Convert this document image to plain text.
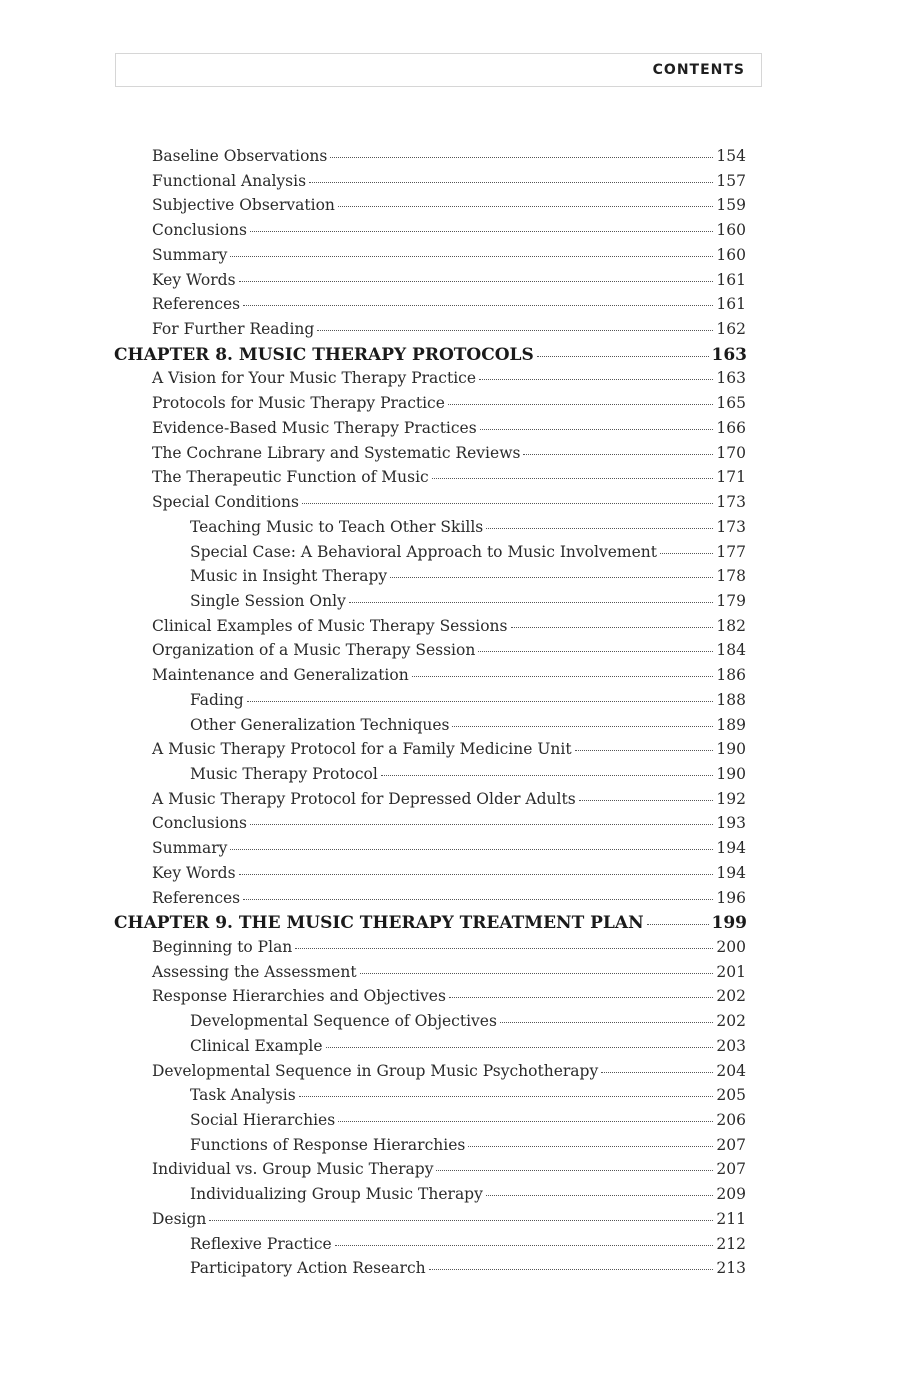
CONTENTS
Baseline Observations	154
Functional Analysis	157
Subjective Observation	159
Conclusions	160
Summary	160
Key Words	161
References	161
For Further Reading	162
CHAPTER 8. MUSIC THERAPY PROTOCOLS	163
A Vision for Your Music Therapy Practice	163
Protocols for Music Therapy Practice	165
Evidence-Based Music Therapy Practices	166
The Cochrane Library and Systematic Reviews	170
The Therapeutic Function of Music	171
Special Conditions	173
Teaching Music to Teach Other Skills	173
Special Case: A Behavioral Approach to Music Involvement	177
Music in Insight Therapy	178
Single Session Only	179
Clinical Examples of Music Therapy Sessions	182
Organization of a Music Therapy Session	184
Maintenance and Generalization	186
Fading	188
Other Generalization Techniques	189
A Music Therapy Protocol for a Family Medicine Unit	190
Music Therapy Protocol	190
A Music Therapy Protocol for Depressed Older Adults	192
Conclusions	193
Summary	194
Key Words	194
References	196
CHAPTER 9. THE MUSIC THERAPY TREATMENT PLAN	199
Beginning to Plan	200
Assessing the Assessment	201
Response Hierarchies and Objectives	202
Developmental Sequence of Objectives	202
Clinical Example	203
Developmental Sequence in Group Music Psychotherapy	204
Task Analysis	205
Social Hierarchies	206
Functions of Response Hierarchies	207
Individual vs. Group Music Therapy	207
Individualizing Group Music Therapy	209
Design	211
Reflexive Practice	212
Participatory Action Research	213
